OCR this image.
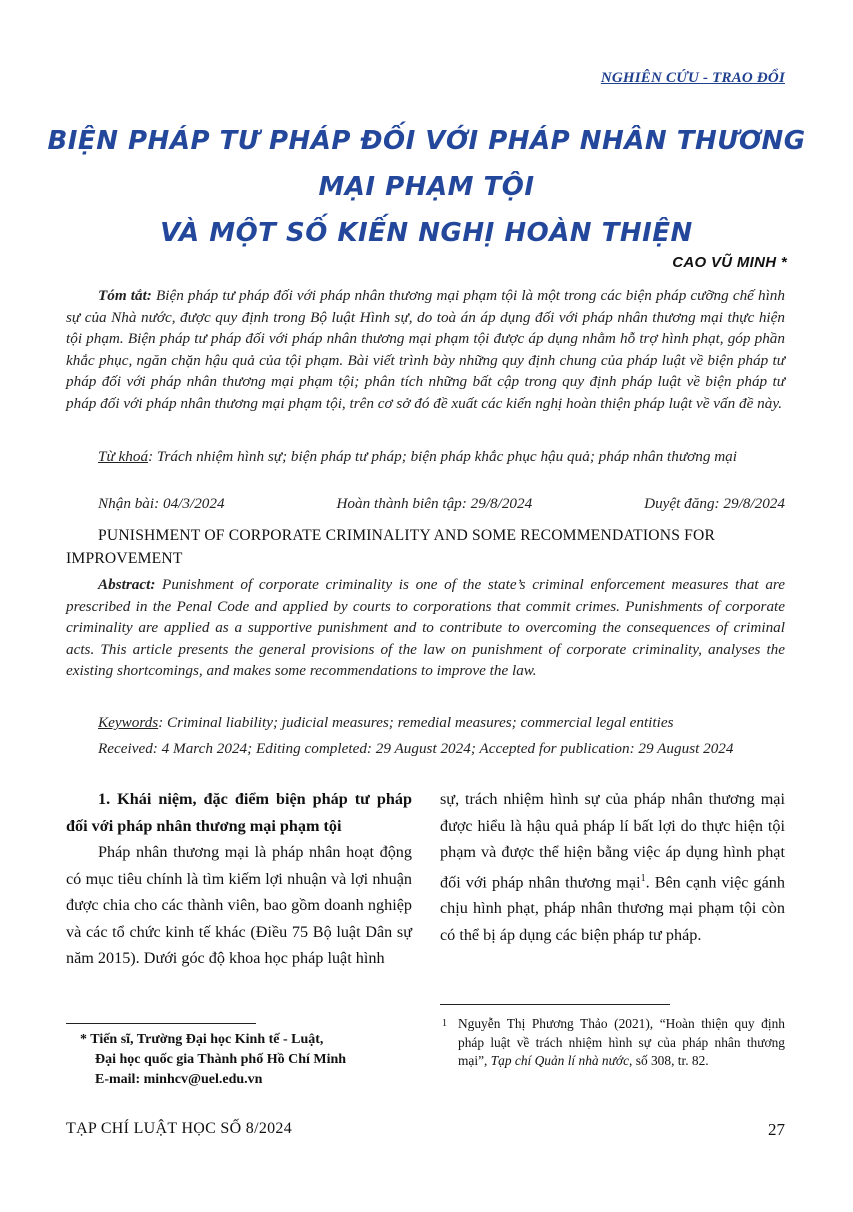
NGHIÊN CỨU - TRAO ĐỔI
BIỆN PHÁP TƯ PHÁP ĐỐI VỚI PHÁP NHÂN THƯƠNG MẠI PHẠM TỘI
VÀ MỘT SỐ KIẾN NGHỊ HOÀN THIỆN
CAO VŨ MINH *

Tóm tắt: Biện pháp tư pháp đối với pháp nhân thương mại phạm tội là một trong các biện pháp cưỡng chế hình sự của Nhà nước, được quy định trong Bộ luật Hình sự, do toà án áp dụng đối với pháp nhân thương mại thực hiện tội phạm. Biện pháp tư pháp đối với pháp nhân thương mại phạm tội được áp dụng nhằm hỗ trợ hình phạt, góp phần khắc phục, ngăn chặn hậu quả của tội phạm. Bài viết trình bày những quy định chung của pháp luật về biện pháp tư pháp đối với pháp nhân thương mại phạm tội; phân tích những bất cập trong quy định pháp luật về biện pháp tư pháp đối với pháp nhân thương mại phạm tội, trên cơ sở đó đề xuất các kiến nghị hoàn thiện pháp luật về vấn đề này.

Từ khoá: Trách nhiệm hình sự; biện pháp tư pháp; biện pháp khắc phục hậu quả; pháp nhân thương mại

Nhận bài: 04/3/2024	Hoàn thành biên tập: 29/8/2024	Duyệt đăng: 29/8/2024
PUNISHMENT OF CORPORATE CRIMINALITY AND SOME RECOMMENDATIONS FOR IMPROVEMENT

Abstract: Punishment of corporate criminality is one of the state’s criminal enforcement measures that are prescribed in the Penal Code and applied by courts to corporations that commit crimes. Punishments of corporate criminality are applied as a supportive punishment and to contribute to overcoming the consequences of criminal acts. This article presents the general provisions of the law on punishment of corporate criminality, analyses the existing shortcomings, and makes some recommendations to improve the law.

Keywords: Criminal liability; judicial measures; remedial measures; commercial legal entities

Received: 4 March 2024; Editing completed: 29 August 2024; Accepted for publication: 29 August 2024

1. Khái niệm, đặc điểm biện pháp tư pháp đối với pháp nhân thương mại phạm tội

Pháp nhân thương mại là pháp nhân hoạt động có mục tiêu chính là tìm kiếm lợi nhuận và lợi nhuận được chia cho các thành viên, bao gồm doanh nghiệp và các tổ chức kinh tế khác (Điều 75 Bộ luật Dân sự năm 2015). Dưới góc độ khoa học pháp luật hình

sự, trách nhiệm hình sự của pháp nhân thương mại được hiểu là hậu quả pháp lí bất lợi do thực hiện tội phạm và được thể hiện bằng việc áp dụng hình phạt đối với pháp nhân thương mại$^1$. Bên cạnh việc gánh chịu hình phạt, pháp nhân thương mại phạm tội còn có thể bị áp dụng các biện pháp tư pháp.

* Tiến sĩ, Trường Đại học Kinh tế - Luật,
Đại học quốc gia Thành phố Hồ Chí Minh
E-mail: minhcv@uel.edu.vn
1 Nguyễn Thị Phương Thảo (2021), “Hoàn thiện quy định pháp luật về trách nhiệm hình sự của pháp nhân thương mại”, Tạp chí Quản lí nhà nước, số 308, tr. 82.
TẠP CHÍ LUẬT HỌC SỐ 8/2024	27
